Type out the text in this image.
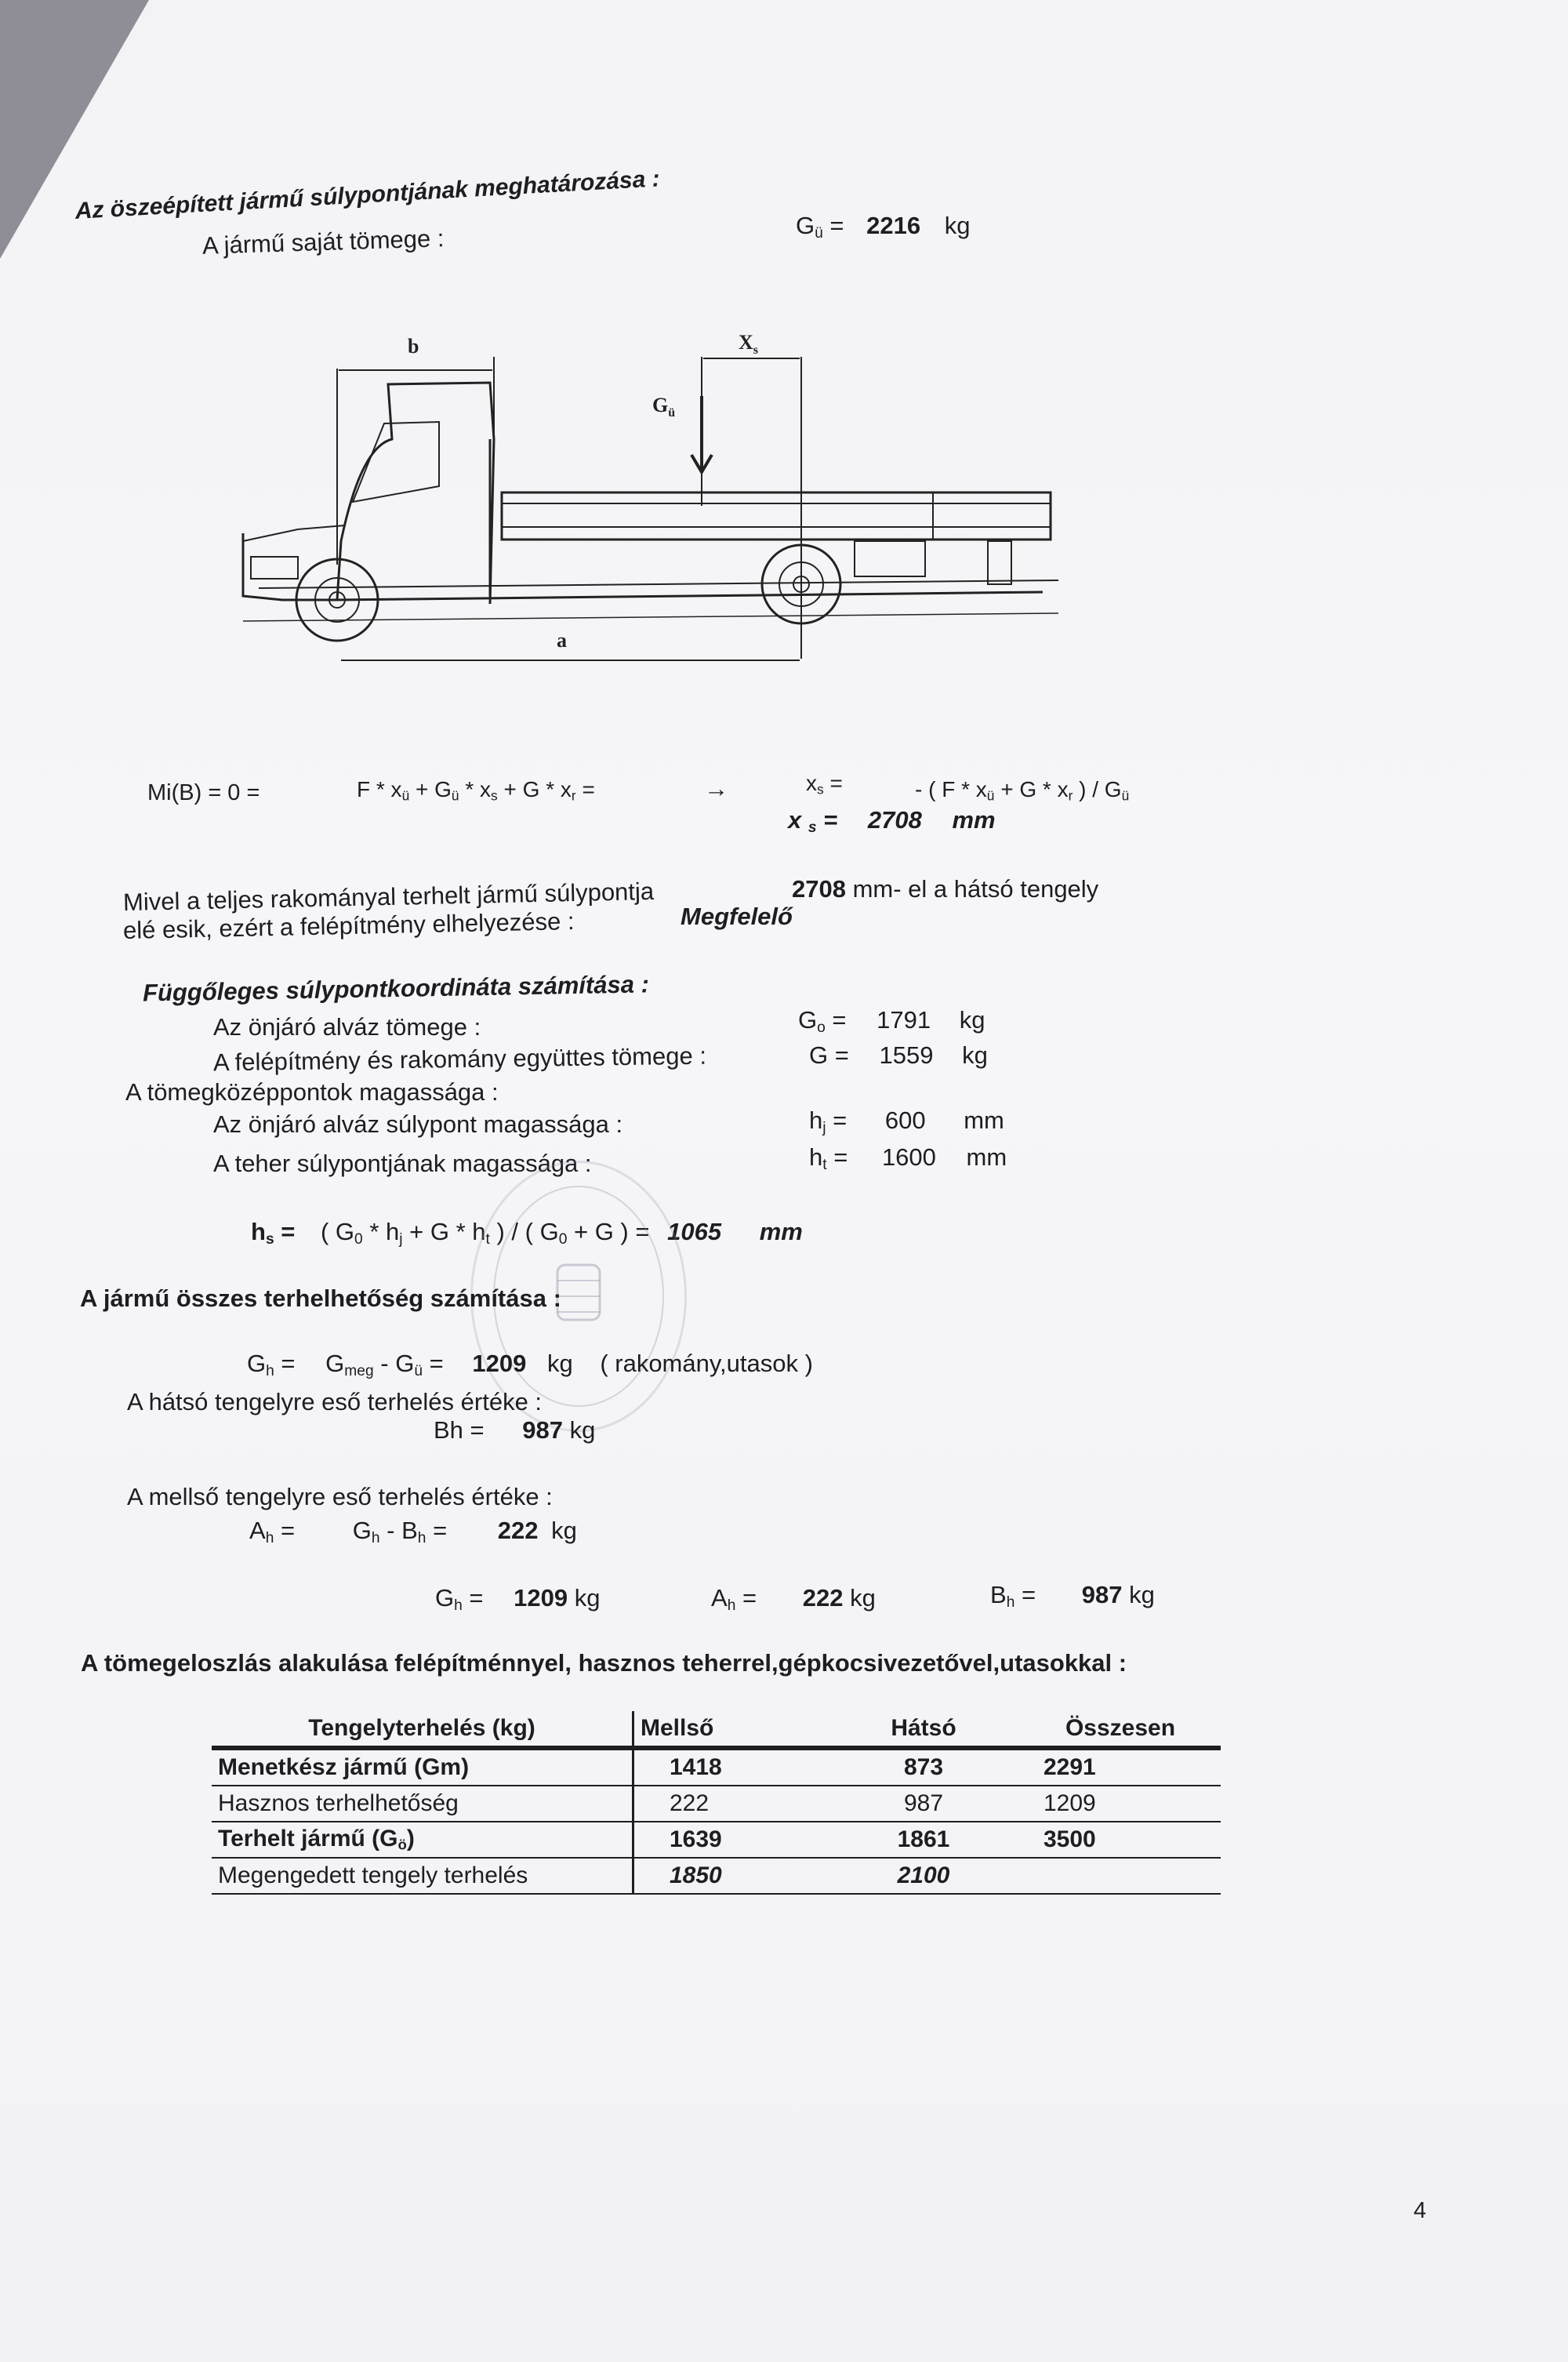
Az öszeépített jármű súlypontjának meghatározása :
A jármű saját tömege :	$G_ü = 2216$ kg
b	$X_s$
$G_ü$
a
Mi(B) = 0 =	$F * x_ü + G_ü * x_s + G * x_r$ =	→	$x_s$ =	- ( $F * x_ü + G * x_r$ ) / $G_ü$
x $_s$ = 2708 mm
Mivel a teljes rakományal terhelt jármű súlypontja
elé esik, ezért a felépítmény elhelyezése :
2708 mm- el a hátsó tengely
Megfelelő
Függőleges súlypontkoordináta számítása :
Az önjáró alváz tömege :
A felépítmény és rakomány együttes tömege :
A tömegközéppontok magassága :
Az önjáró alváz súlypont magassága :
A teher súlypontjának magassága :
$G_o = 1791$ kg
G = 1559 kg
$h_j = 600$ mm
$h_t = 1600$ mm
$h_s$ = ( $G_0 * h_j + G * h_t$ ) / ( $G_0 + G$ ) = 1065 mm
A jármű összes terhelhetőség számítása :
$G_h = G_{meg} - G_ü = 1209$ kg ( rakomány,utasok )
A hátsó tengelyre eső terhelés értéke :
Bh = 987 kg
A mellső tengelyre eső terhelés értéke :
$A_h = G_h - B_h = 222$ kg
$G_h = 1209$ kg	$A_h = 222$ kg	$B_h = 987$ kg
A tömegeloszlás alakulása felépítménnyel, hasznos teherrel,gépkocsivezetővel,utasokkal :
Tengelyterhelés (kg)	Mellső	Hátsó	Összesen
Menetkész jármű (Gm)	1418	873	2291
Hasznos terhelhetőség	222	987	1209
Terhelt jármű $(G_ö)$	1639	1861	3500
Megengedett tengely terhelés	1850	2100	
4
